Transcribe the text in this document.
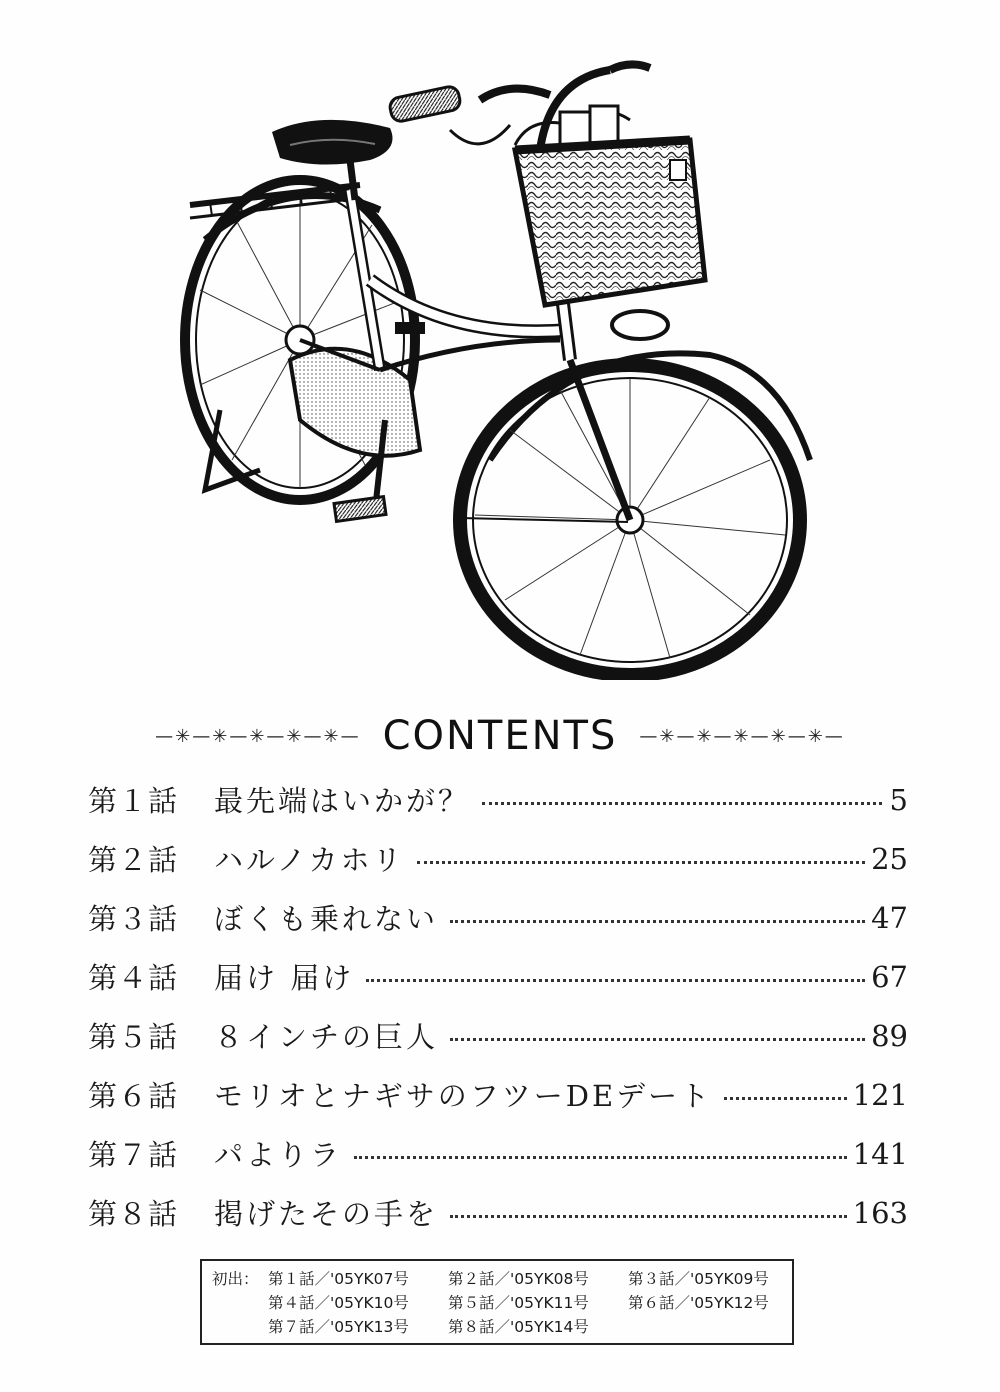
—✳—✳—✳—✳—✳— CONTENTS —✳—✳—✳—✳—✳—
第１話	最先端はいかが？	5
第２話	ハルノカホリ	25
第３話	ぼくも乗れない	47
第４話	届け 届け	67
第５話	８インチの巨人	89
第６話	モリオとナギサのフツーDEデート	121
第７話	パよりラ	141
第８話	掲げたその手を	163
初出： 第１話／'05YK07号	第２話／'05YK08号	第３話／'05YK09号
第４話／'05YK10号	第５話／'05YK11号	第６話／'05YK12号
第７話／'05YK13号	第８話／'05YK14号
